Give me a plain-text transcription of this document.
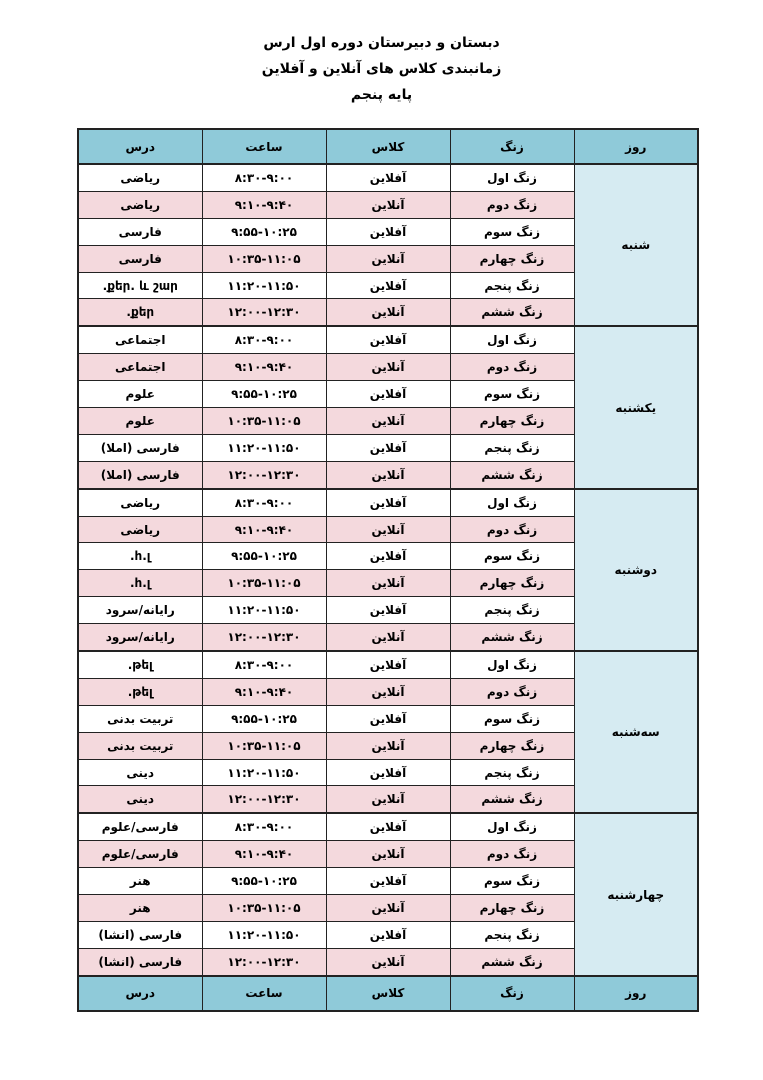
دبستان و دبیرستان دوره اول ارس
زمانبندی کلاس های آنلاین و آفلاین
پایه پنجم
روز	زنگ	کلاس	ساعت	درس
شنبه	زنگ اول	آفلاین	۸:۳۰-۹:۰۰	ریاضی
	زنگ دوم	آنلاین	۹:۱۰-۹:۴۰	ریاضی
	زنگ سوم	آفلاین	۹:۵۵-۱۰:۲۵	فارسی
	زنگ چهارم	آنلاین	۱۰:۳۵-۱۱:۰۵	فارسی
	زنگ پنجم	آفلاین	۱۱:۲۰-۱۱:۵۰	քեր. և շար.
	زنگ ششم	آنلاین	۱۲:۰۰-۱۲:۳۰	քեր.
یکشنبه	زنگ اول	آفلاین	۸:۳۰-۹:۰۰	اجتماعی
	زنگ دوم	آنلاین	۹:۱۰-۹:۴۰	اجتماعی
	زنگ سوم	آفلاین	۹:۵۵-۱۰:۲۵	علوم
	زنگ چهارم	آنلاین	۱۰:۳۵-۱۱:۰۵	علوم
	زنگ پنجم	آفلاین	۱۱:۲۰-۱۱:۵۰	فارسی (املا)
	زنگ ششم	آنلاین	۱۲:۰۰-۱۲:۳۰	فارسی (املا)
دوشنبه	زنگ اول	آفلاین	۸:۳۰-۹:۰۰	ریاضی
	زنگ دوم	آنلاین	۹:۱۰-۹:۴۰	ریاضی
	زنگ سوم	آفلاین	۹:۵۵-۱۰:۲۵	հ.լ.
	زنگ چهارم	آنلاین	۱۰:۳۵-۱۱:۰۵	հ.լ.
	زنگ پنجم	آفلاین	۱۱:۲۰-۱۱:۵۰	رایانه/سرود
	زنگ ششم	آنلاین	۱۲:۰۰-۱۲:۳۰	رایانه/سرود
سه‌شنبه	زنگ اول	آفلاین	۸:۳۰-۹:۰۰	թել.
	زنگ دوم	آنلاین	۹:۱۰-۹:۴۰	թել.
	زنگ سوم	آفلاین	۹:۵۵-۱۰:۲۵	تربیت بدنی
	زنگ چهارم	آنلاین	۱۰:۳۵-۱۱:۰۵	تربیت بدنی
	زنگ پنجم	آفلاین	۱۱:۲۰-۱۱:۵۰	دینی
	زنگ ششم	آنلاین	۱۲:۰۰-۱۲:۳۰	دینی
چهارشنبه	زنگ اول	آفلاین	۸:۳۰-۹:۰۰	فارسی/علوم
	زنگ دوم	آنلاین	۹:۱۰-۹:۴۰	فارسی/علوم
	زنگ سوم	آفلاین	۹:۵۵-۱۰:۲۵	هنر
	زنگ چهارم	آنلاین	۱۰:۳۵-۱۱:۰۵	هنر
	زنگ پنجم	آفلاین	۱۱:۲۰-۱۱:۵۰	فارسی (انشا)
	زنگ ششم	آنلاین	۱۲:۰۰-۱۲:۳۰	فارسی (انشا)
روز	زنگ	کلاس	ساعت	درس
